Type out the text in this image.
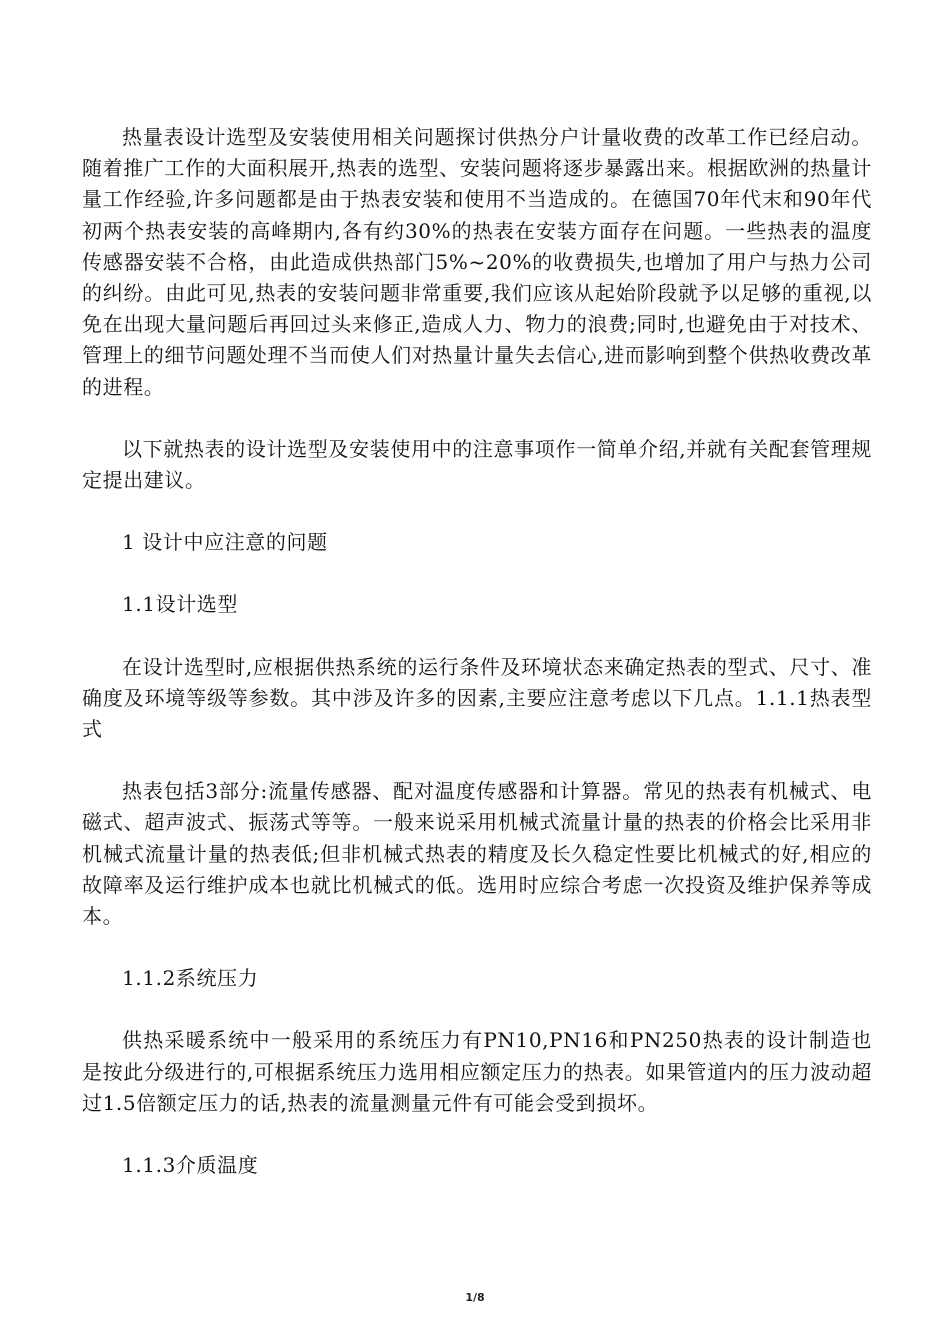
热量表设计选型及安装使用相关问题探讨供热分户计量收费的改革工作已经启动。随着推广工作的大面积展开,热表的选型、安装问题将逐步暴露出来。根据欧洲的热量计量工作经验,许多问题都是由于热表安装和使用不当造成的。在德国70年代末和90年代初两个热表安装的高峰期内,各有约30%的热表在安装方面存在问题。一些热表的温度传感器安装不合格，由此造成供热部门5%~20%的收费损失,也增加了用户与热力公司的纠纷。由此可见,热表的安装问题非常重要,我们应该从起始阶段就予以足够的重视,以免在出现大量问题后再回过头来修正,造成人力、物力的浪费;同时,也避免由于对技术、管理上的细节问题处理不当而使人们对热量计量失去信心,进而影响到整个供热收费改革的进程。

以下就热表的设计选型及安装使用中的注意事项作一简单介绍,并就有关配套管理规定提出建议。

1 设计中应注意的问题

1.1设计选型

在设计选型时,应根据供热系统的运行条件及环境状态来确定热表的型式、尺寸、准确度及环境等级等参数。其中涉及许多的因素,主要应注意考虑以下几点。1.1.1热表型式

热表包括3部分:流量传感器、配对温度传感器和计算器。常见的热表有机械式、电磁式、超声波式、振荡式等等。一般来说采用机械式流量计量的热表的价格会比采用非机械式流量计量的热表低;但非机械式热表的精度及长久稳定性要比机械式的好,相应的故障率及运行维护成本也就比机械式的低。选用时应综合考虑一次投资及维护保养等成本。

1.1.2系统压力

供热采暖系统中一般采用的系统压力有PN10,PN16和PN250热表的设计制造也是按此分级进行的,可根据系统压力选用相应额定压力的热表。如果管道内的压力波动超过1.5倍额定压力的话,热表的流量测量元件有可能会受到损坏。

1.1.3介质温度

1/8
